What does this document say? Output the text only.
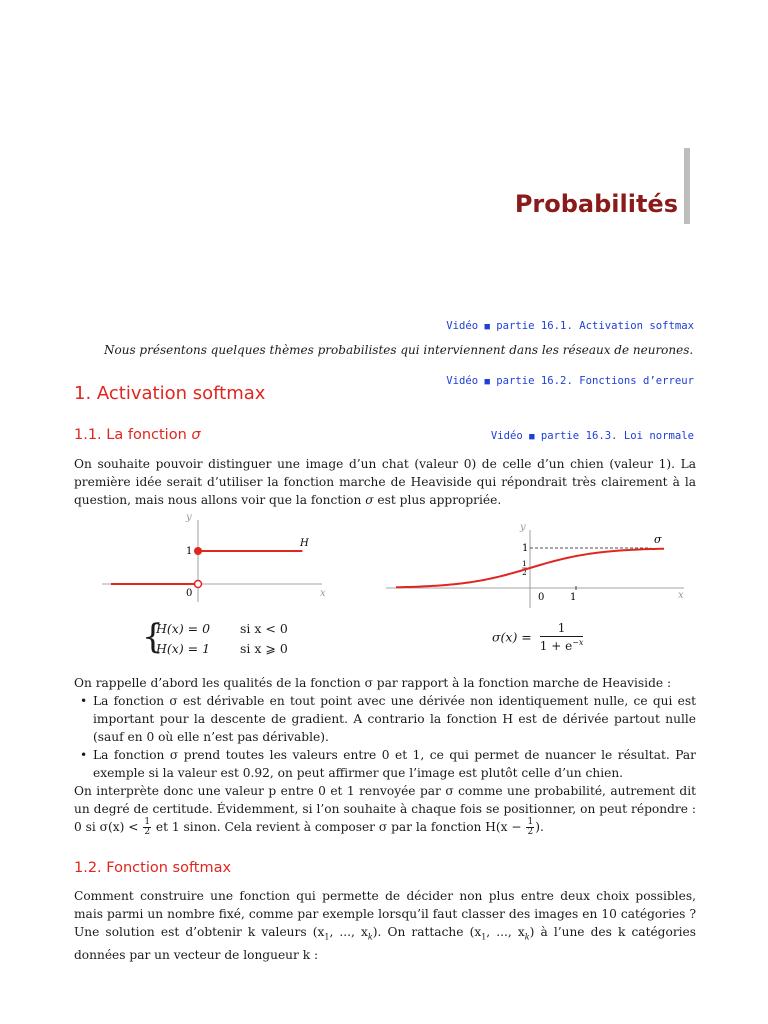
Probabilités

Vidéo ■ partie 16.1. Activation softmax

Vidéo ■ partie 16.2. Fonctions d’erreur

Vidéo ■ partie 16.3. Loi normale

Nous présentons quelques thèmes probabilistes qui interviennent dans les réseaux de neurones.
1. Activation softmax
1.1. La fonction σ

On souhaite pouvoir distinguer une image d’un chat (valeur 0) de celle d’un chien (valeur 1). La première idée serait d’utiliser la fonction marche de Heaviside qui répondrait très clairement à la question, mais nous allons voir que la fonction σ est plus appropriée.

y
x
1
0
H
y
x
1
1
2
0	1
σ
{
H(x) = 0 si x < 0
H(x) = 1 si x ⩾ 0
$\sigma(x) = \frac{1}{1 + e^{-x}}$

On rappelle d’abord les qualités de la fonction σ par rapport à la fonction marche de Heaviside :

• La fonction σ est dérivable en tout point avec une dérivée non identiquement nulle, ce qui est important pour la descente de gradient. A contrario la fonction H est de dérivée partout nulle (sauf en 0 où elle n’est pas dérivable).
• La fonction σ prend toutes les valeurs entre 0 et 1, ce qui permet de nuancer le résultat. Par exemple si la valeur est 0.92, on peut affirmer que l’image est plutôt celle d’un chien.

On interprète donc une valeur p entre 0 et 1 renvoyée par σ comme une probabilité, autrement dit un degré de certitude. Évidemment, si l’on souhaite à chaque fois se positionner, on peut répondre : 0 si $\sigma(x) < \frac{1}{2}$ et 1 sinon. Cela revient à composer σ par la fonction $H(x - \frac{1}{2}$ ).

1.2. Fonction softmax

Comment construire une fonction qui permette de décider non plus entre deux choix possibles, mais parmi un nombre fixé, comme par exemple lorsqu’il faut classer des images en 10 catégories ? Une solution est d’obtenir k valeurs ($x_1$, ..., $x_k$). On rattache ($x_1$, ..., $x_k$) à l’une des k catégories données par un vecteur de longueur k :
